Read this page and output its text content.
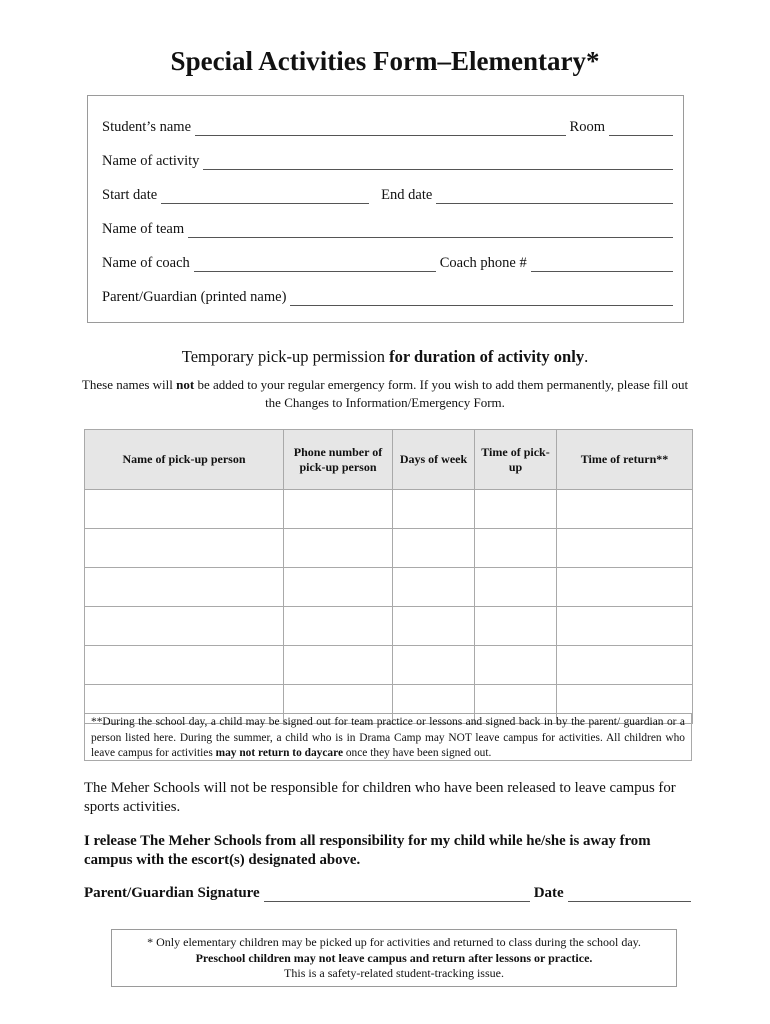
Special Activities Form–Elementary*
Student’s name	Room
Name of activity
Start date	End date
Name of team
Name of coach	Coach phone #
Parent/Guardian (printed name)
Temporary pick-up permission for duration of activity only.
These names will not be added to your regular emergency form. If you wish to add them permanently, please fill out the Changes to Information/Emergency Form.
Name of pick-up person	Phone number of pick-up person	Days of week	Time of pick-up	Time of return**

**During the school day, a child may be signed out for team practice or lessons and signed back in by the parent/ guardian or a person listed here. During the summer, a child who is in Drama Camp may NOT leave campus for activities. All children who leave campus for activities may not return to daycare once they have been signed out.
The Meher Schools will not be responsible for children who have been released to leave campus for sports activities.
I release The Meher Schools from all responsibility for my child while he/she is away from campus with the escort(s) designated above.
Parent/Guardian Signature	Date
* Only elementary children may be picked up for activities and returned to class during the school day.
Preschool children may not leave campus and return after lessons or practice.
This is a safety-related student-tracking issue.
